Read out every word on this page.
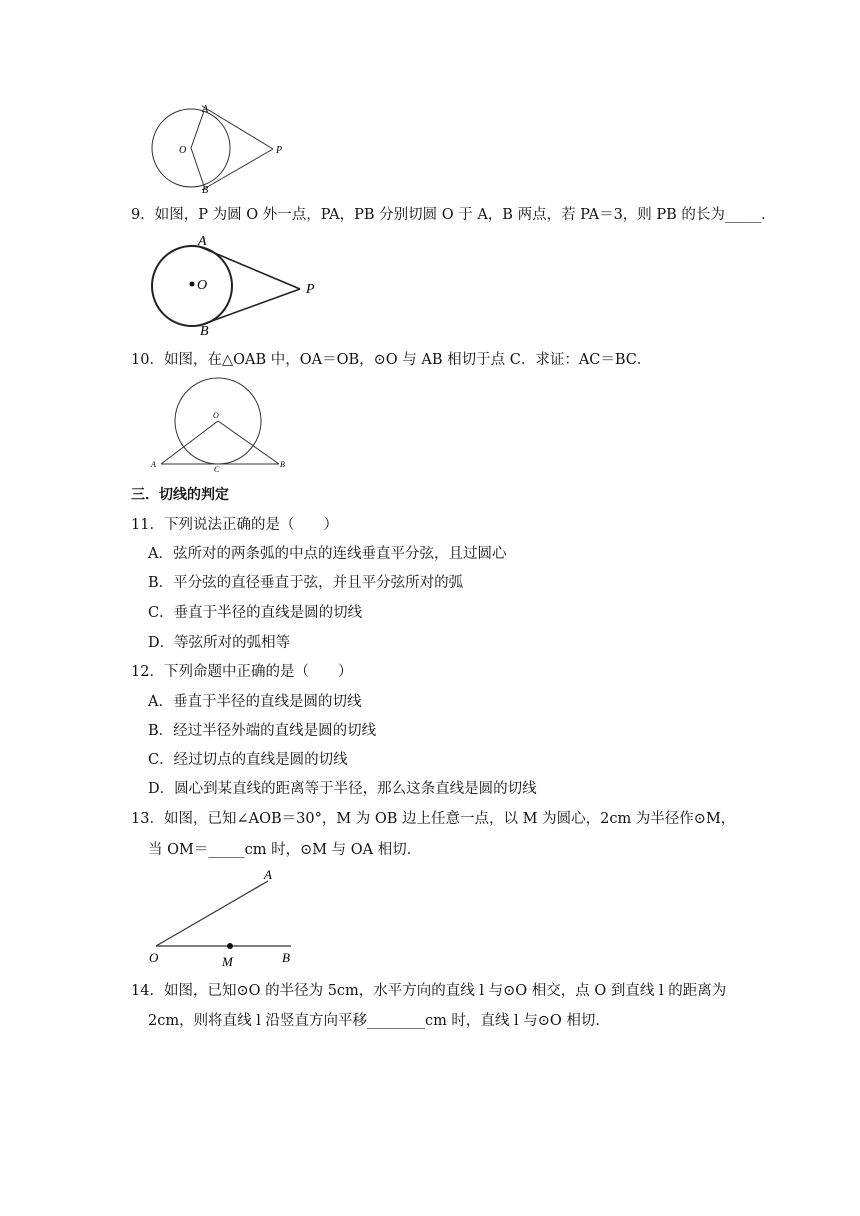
A
B
O	P
9．如图，P 为圆 O 外一点，PA，PB 分别切圆 O 于 A，B 两点，若 PA＝3，则 PB 的长为_____．
A
B
O	P
10．如图，在△OAB 中，OA＝OB，⊙O 与 AB 相切于点 C．求证：AC＝BC．
O
A	B
C
三．切线的判定
11．下列说法正确的是（　　）
A．弦所对的两条弧的中点的连线垂直平分弦，且过圆心
B．平分弦的直径垂直于弦，并且平分弦所对的弧
C．垂直于半径的直线是圆的切线
D．等弦所对的弧相等
12．下列命题中正确的是（　　）
A．垂直于半径的直线是圆的切线
B．经过半径外端的直线是圆的切线
C．经过切点的直线是圆的切线
D．圆心到某直线的距离等于半径，那么这条直线是圆的切线
13．如图，已知∠AOB＝30°，M 为 OB 边上任意一点，以 M 为圆心，2cm 为半径作⊙M，
当 OM＝_____cm 时，⊙M 与 OA 相切．
A
O	M	B
14．如图，已知⊙O 的半径为 5cm，水平方向的直线 l 与⊙O 相交，点 O 到直线 l 的距离为
2cm，则将直线 l 沿竖直方向平移________cm 时，直线 l 与⊙O 相切．
